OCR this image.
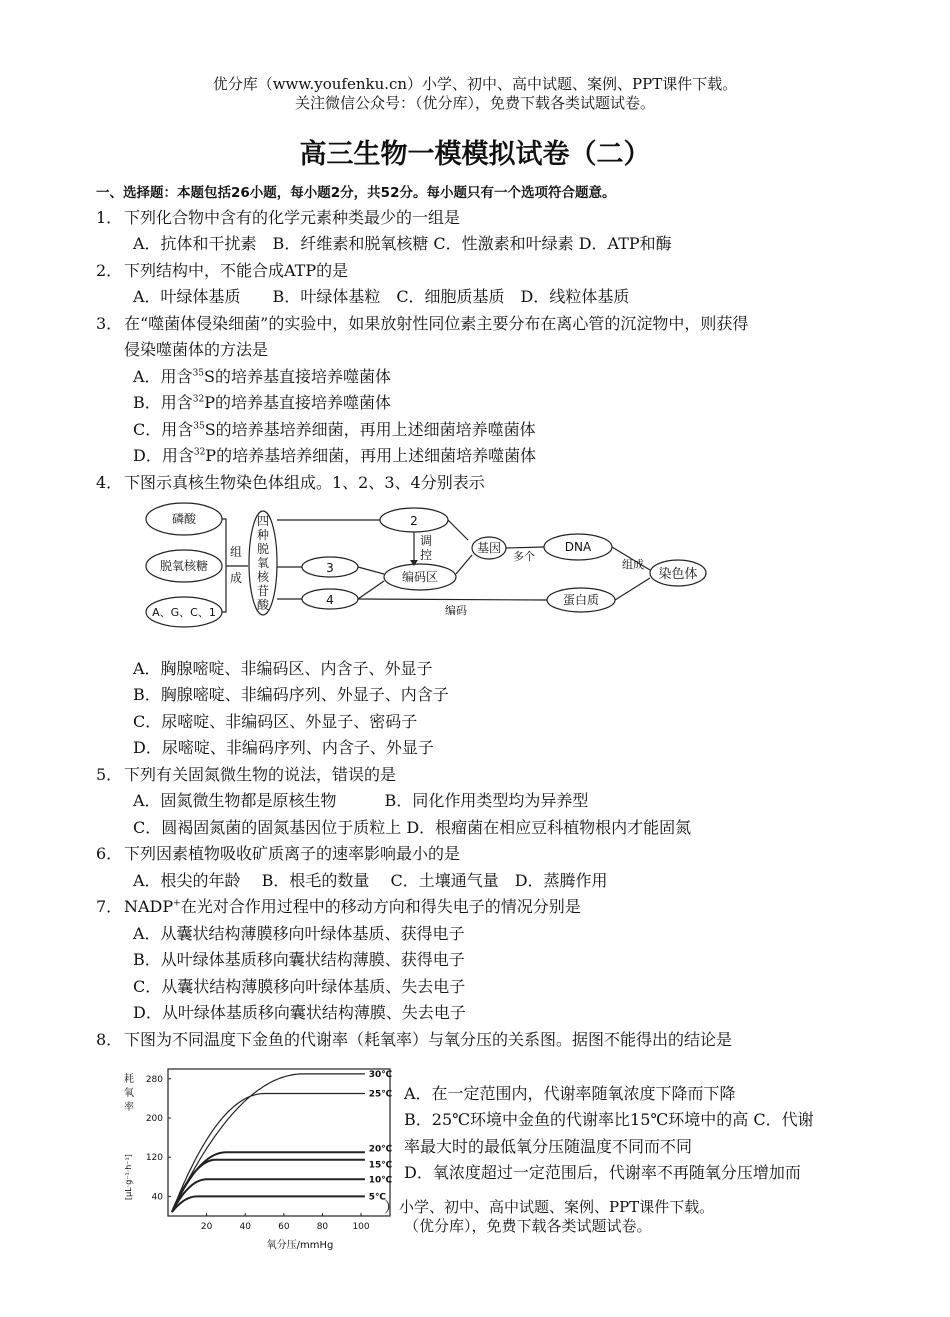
优分库（www.youfenku.cn）小学、初中、高中试题、案例、PPT课件下载。
关注微信公众号：（优分库），免费下载各类试题试卷。
高三生物一模模拟试卷（二）
一、选择题：本题包括26小题，每小题2分，共52分。每小题只有一个选项符合题意。
1． 下列化合物中含有的化学元素种类最少的一组是
A．抗体和干扰素　B．纤维素和脱氧核糖 C．性激素和叶绿素 D．ATP和酶
2． 下列结构中，不能合成ATP的是
A．叶绿体基质　　B．叶绿体基粒　C．细胞质基质　D．线粒体基质
3． 在“噬菌体侵染细菌”的实验中，如果放射性同位素主要分布在离心管的沉淀物中，则获得
侵染噬菌体的方法是
A．用含$^{35}$S的培养基直接培养噬菌体
B．用含$^{32}$P的培养基直接培养噬菌体
C．用含$^{35}$S的培养基培养细菌，再用上述细菌培养噬菌体
D．用含$^{32}$P的培养基培养细菌，再用上述细菌培养噬菌体
4． 下图示真核生物染色体组成。1、2、3、4分别表示
磷酸
脱氧核糖
A、G、C、1
组
成
四
种
脱
氧
核
苷
酸
2
3
4
调
控	基因
多个
DNA
编码区
编码
蛋白质
组成
染色体
A．胸腺嘧啶、非编码区、内含子、外显子
B．胸腺嘧啶、非编码序列、外显子、内含子
C．尿嘧啶、非编码区、外显子、密码子
D．尿嘧啶、非编码序列、内含子、外显子
5． 下列有关固氮微生物的说法，错误的是
A．固氮微生物都是原核生物　　　B．同化作用类型均为异养型
C．圆褐固氮菌的固氮基因位于质粒上 D．根瘤菌在相应豆科植物根内才能固氮
6． 下列因素植物吸收矿质离子的速率影响最小的是
A．根尖的年龄　 B．根毛的数量　 C．土壤通气量　D．蒸腾作用
7． NADP+在光对合作用过程中的移动方向和得失电子的情况分别是
A．从囊状结构薄膜移向叶绿体基质、获得电子
B．从叶绿体基质移向囊状结构薄膜、获得电子
C．从囊状结构薄膜移向叶绿体基质、失去电子
D．从叶绿体基质移向囊状结构薄膜、失去电子
8． 下图为不同温度下金鱼的代谢率（耗氧率）与氧分压的关系图。据图不能得出的结论是
耗
氧
率
[μL·g⁻¹·h⁻¹]
氧分压/mmHg
20	40	60	80	100
40
120
200
280	30℃
25℃
20℃
15℃
10℃
5℃
A．在一定范围内，代谢率随氧浓度下降而下降
B．25℃环境中金鱼的代谢率比15℃环境中的高 C．代谢
率最大时的最低氧分压随温度不同而不同
D．氧浓度超过一定范围后，代谢率不再随氧分压增加而
）小学、初中、高中试题、案例、PPT课件下载。
（优分库），免费下载各类试题试卷。
